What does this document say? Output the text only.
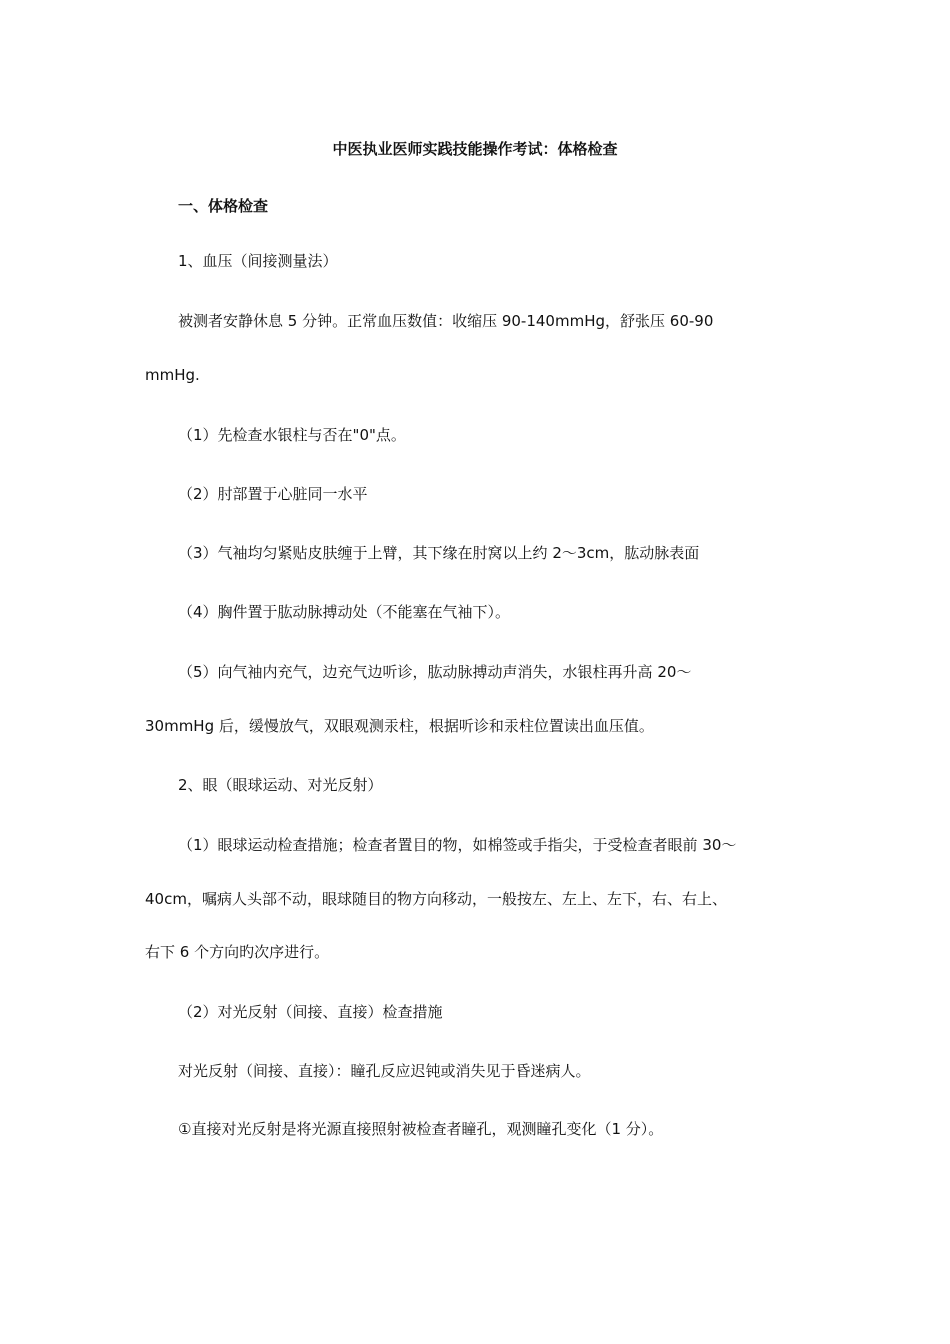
中医执业医师实践技能操作考试：体格检查
一、体格检查
1、血压（间接测量法）
被测者安静休息 5 分钟。正常血压数值：收缩压 90-140mmHg，舒张压 60-90
mmHg.
（1）先检查水银柱与否在"0"点。
（2）肘部置于心脏同一水平
（3）气袖均匀紧贴皮肤缠于上臂，其下缘在肘窝以上约 2～3cm，肱动脉表面
（4）胸件置于肱动脉搏动处（不能塞在气袖下）。
（5）向气袖内充气，边充气边听诊，肱动脉搏动声消失，水银柱再升高 20～
30mmHg 后，缓慢放气，双眼观测汞柱，根据听诊和汞柱位置读出血压值。
2、眼（眼球运动、对光反射）
（1）眼球运动检查措施；检查者置目的物，如棉签或手指尖，于受检查者眼前 30～
40cm，嘱病人头部不动，眼球随目的物方向移动，一般按左、左上、左下，右、右上、
右下 6 个方向旳次序进行。
（2）对光反射（间接、直接）检查措施
对光反射（间接、直接）：瞳孔反应迟钝或消失见于昏迷病人。
①直接对光反射是将光源直接照射被检查者瞳孔，观测瞳孔变化（1 分）。
